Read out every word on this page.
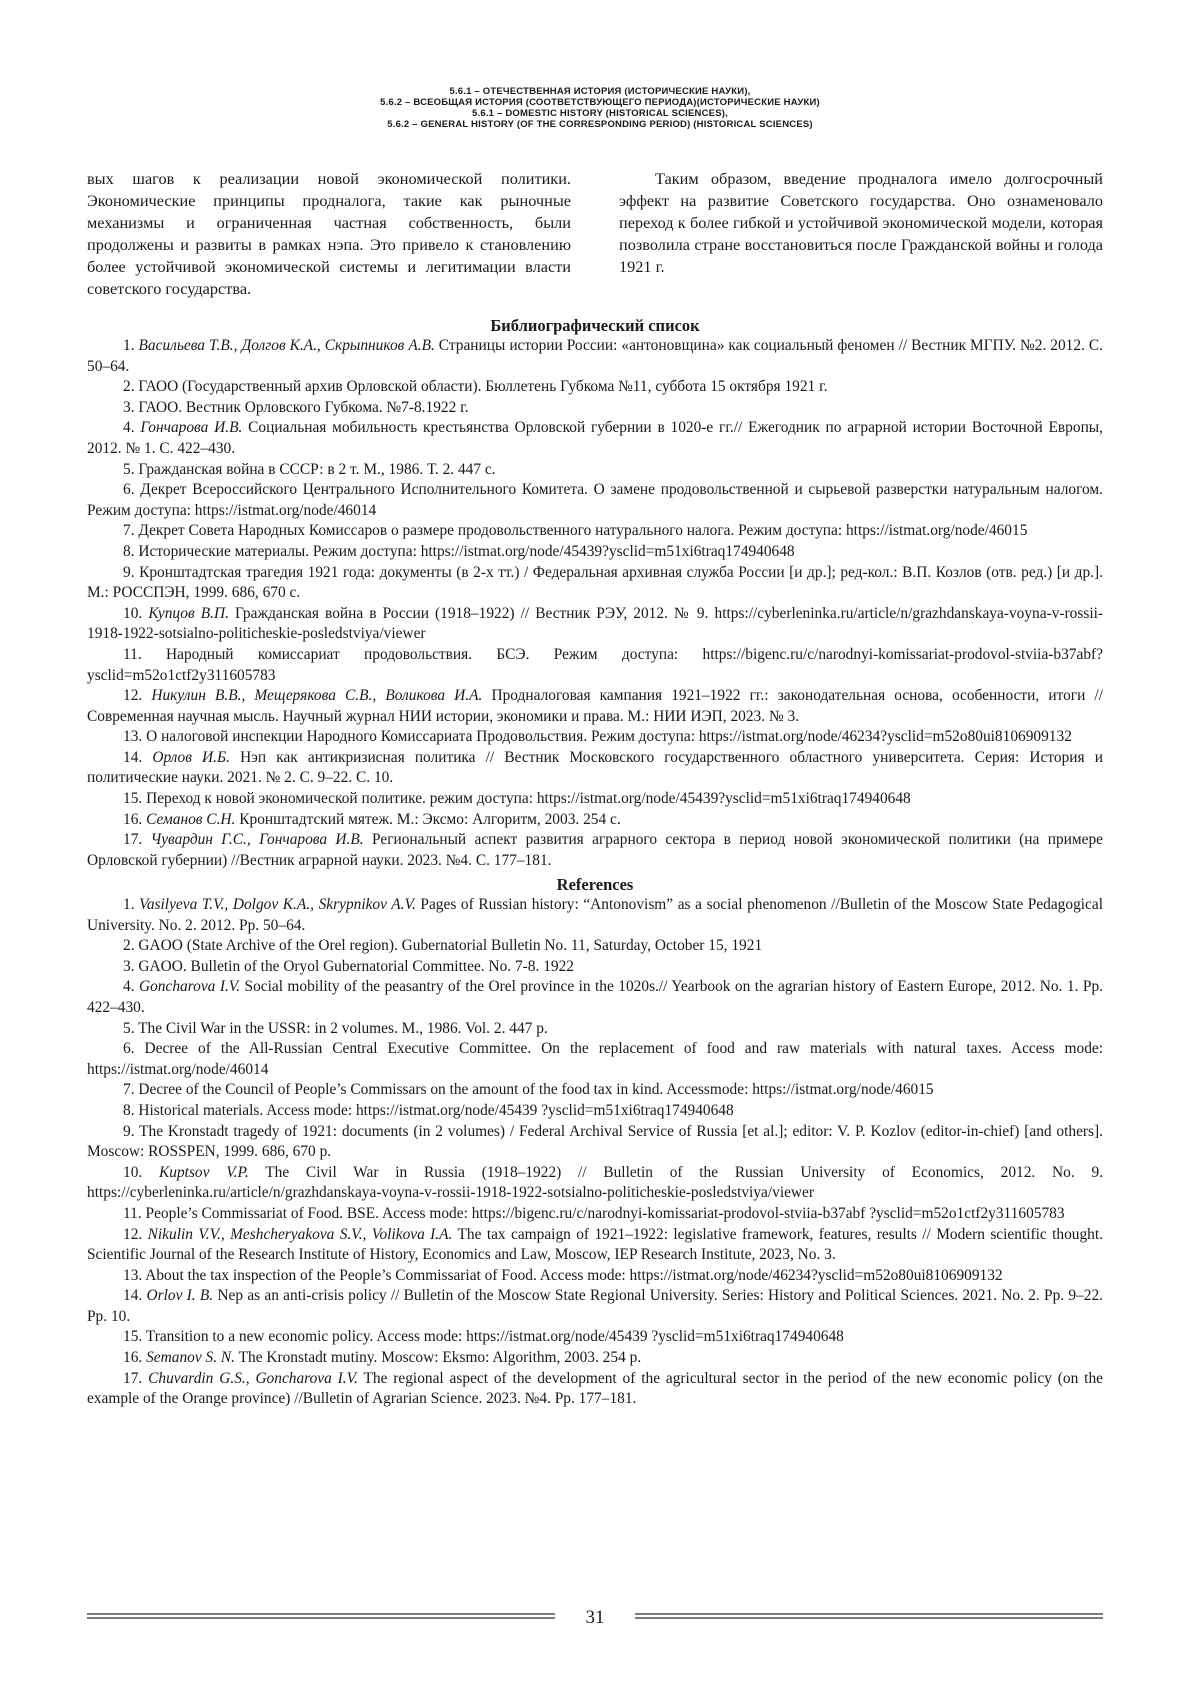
5.6.1 – ОТЕЧЕСТВЕННАЯ ИСТОРИЯ (ИСТОРИЧЕСКИЕ НАУКИ),
5.6.2 – ВСЕОБЩАЯ ИСТОРИЯ (СООТВЕТСТВУЮЩЕГО ПЕРИОДА)(ИСТОРИЧЕСКИЕ НАУКИ)
5.6.1 – DOMESTIC HISTORY (HISTORICAL SCIENCES),
5.6.2 – GENERAL HISTORY (OF THE CORRESPONDING PERIOD) (HISTORICAL SCIENCES)

вых шагов к реализации новой экономической политики. Экономические принципы продналога, такие как рыночные механизмы и ограниченная частная собственность, были продолжены и развиты в рамках нэпа. Это привело к становлению более устойчивой экономической системы и легитимации власти советского государства.

Таким образом, введение продналога имело долгосрочный эффект на развитие Советского государства. Оно ознаменовало переход к более гибкой и устойчивой экономической модели, которая позволила стране восстановиться после Гражданской войны и голода 1921 г.

Библиографический список

1. Васильева Т.В., Долгов К.А., Скрыпников А.В. Страницы истории России: «антоновщина» как социальный феномен // Вестник МГПУ. №2. 2012. С. 50–64.

2. ГАОО (Государственный архив Орловской области). Бюллетень Губкома №11, суббота 15 октября 1921 г.

3. ГАОО. Вестник Орловского Губкома. №7-8.1922 г.

4. Гончарова И.В. Социальная мобильность крестьянства Орловской губернии в 1020-е гг.// Ежегодник по аграрной истории Восточной Европы, 2012. № 1. С. 422–430.

5. Гражданская война в СССР: в 2 т. М., 1986. Т. 2. 447 с.

6. Декрет Всероссийского Центрального Исполнительного Комитета. О замене продовольственной и сырьевой разверстки натуральным налогом. Режим доступа: https://istmat.org/node/46014

7. Декрет Совета Народных Комиссаров о размере продовольственного натурального налога. Режим доступа: https://istmat.org/node/46015

8. Исторические материалы. Режим доступа: https://istmat.org/node/45439?ysclid=m51xi6traq174940648

9. Кронштадтская трагедия 1921 года: документы (в 2-х тт.) / Федеральная архивная служба России [и др.]; ред-кол.: В.П. Козлов (отв. ред.) [и др.]. М.: РОССПЭН, 1999. 686, 670 с.

10. Купцов В.П. Гражданская война в России (1918–1922) // Вестник РЭУ, 2012. № 9. https://cyberleninka.ru/article/n/grazhdanskaya-voyna-v-rossii-1918-1922-sotsialno-politicheskie-posledstviya/viewer

11. Народный комиссариат продовольствия. БСЭ. Режим доступа: https://bigenc.ru/c/narodnyi-komissariat-prodovol-stviia-b37abf?ysclid=m52o1ctf2y311605783

12. Никулин В.В., Мещерякова С.В., Воликова И.А. Продналоговая кампания 1921–1922 гг.: законодательная основа, особенности, итоги //Современная научная мысль. Научный журнал НИИ истории, экономики и права. М.: НИИ ИЭП, 2023. № 3.

13. О налоговой инспекции Народного Комиссариата Продовольствия. Режим доступа: https://istmat.org/node/46234?ysclid=m52o80ui8106909132

14. Орлов И.Б. Нэп как антикризисная политика // Вестник Московского государственного областного университета. Серия: История и политические науки. 2021. № 2. С. 9–22. С. 10.

15. Переход к новой экономической политике. режим доступа: https://istmat.org/node/45439?ysclid=m51xi6traq174940648

16. Семанов С.Н. Кронштадтский мятеж. М.: Эксмо: Алгоритм, 2003. 254 с.

17. Чувардин Г.С., Гончарова И.В. Региональный аспект развития аграрного сектора в период новой экономической политики (на примере Орловской губернии) //Вестник аграрной науки. 2023. №4. С. 177–181.

References

1. Vasilyeva T.V., Dolgov K.A., Skrypnikov A.V. Pages of Russian history: “Antonovism” as a social phenomenon //Bulletin of the Moscow State Pedagogical University. No. 2. 2012. Pp. 50–64.

2. GAOO (State Archive of the Orel region). Gubernatorial Bulletin No. 11, Saturday, October 15, 1921

3. GAOO. Bulletin of the Oryol Gubernatorial Committee. No. 7-8. 1922

4. Goncharova I.V. Social mobility of the peasantry of the Orel province in the 1020s.// Yearbook on the agrarian history of Eastern Europe, 2012. No. 1. Pp. 422–430.

5. The Civil War in the USSR: in 2 volumes. M., 1986. Vol. 2. 447 p.

6. Decree of the All-Russian Central Executive Committee. On the replacement of food and raw materials with natural taxes. Access mode: https://istmat.org/node/46014

7. Decree of the Council of People’s Commissars on the amount of the food tax in kind. Accessmode: https://istmat.org/node/46015

8. Historical materials. Access mode: https://istmat.org/node/45439 ?ysclid=m51xi6traq174940648

9. The Kronstadt tragedy of 1921: documents (in 2 volumes) / Federal Archival Service of Russia [et al.]; editor: V. P. Kozlov (editor-in-chief) [and others]. Moscow: ROSSPEN, 1999. 686, 670 p.

10. Kuptsov V.P. The Civil War in Russia (1918–1922) // Bulletin of the Russian University of Economics, 2012. No. 9. https://cyberleninka.ru/article/n/grazhdanskaya-voyna-v-rossii-1918-1922-sotsialno-politicheskie-posledstviya/viewer

11. People’s Commissariat of Food. BSE. Access mode: https://bigenc.ru/c/narodnyi-komissariat-prodovol-stviia-b37abf ?ysclid=m52o1ctf2y311605783

12. Nikulin V.V., Meshcheryakova S.V., Volikova I.A. The tax campaign of 1921–1922: legislative framework, features, results // Modern scientific thought. Scientific Journal of the Research Institute of History, Economics and Law, Moscow, IEP Research Institute, 2023, No. 3.

13. About the tax inspection of the People’s Commissariat of Food. Access mode: https://istmat.org/node/46234?ysclid=m52o80ui8106909132

14. Orlov I. B. Nep as an anti-crisis policy // Bulletin of the Moscow State Regional University. Series: History and Political Sciences. 2021. No. 2. Pp. 9–22. Pp. 10.

15. Transition to a new economic policy. Access mode: https://istmat.org/node/45439 ?ysclid=m51xi6traq174940648

16. Semanov S. N. The Kronstadt mutiny. Moscow: Eksmo: Algorithm, 2003. 254 p.

17. Chuvardin G.S., Goncharova I.V. The regional aspect of the development of the agricultural sector in the period of the new economic policy (on the example of the Orange province) //Bulletin of Agrarian Science. 2023. №4. Pp. 177–181.

31
